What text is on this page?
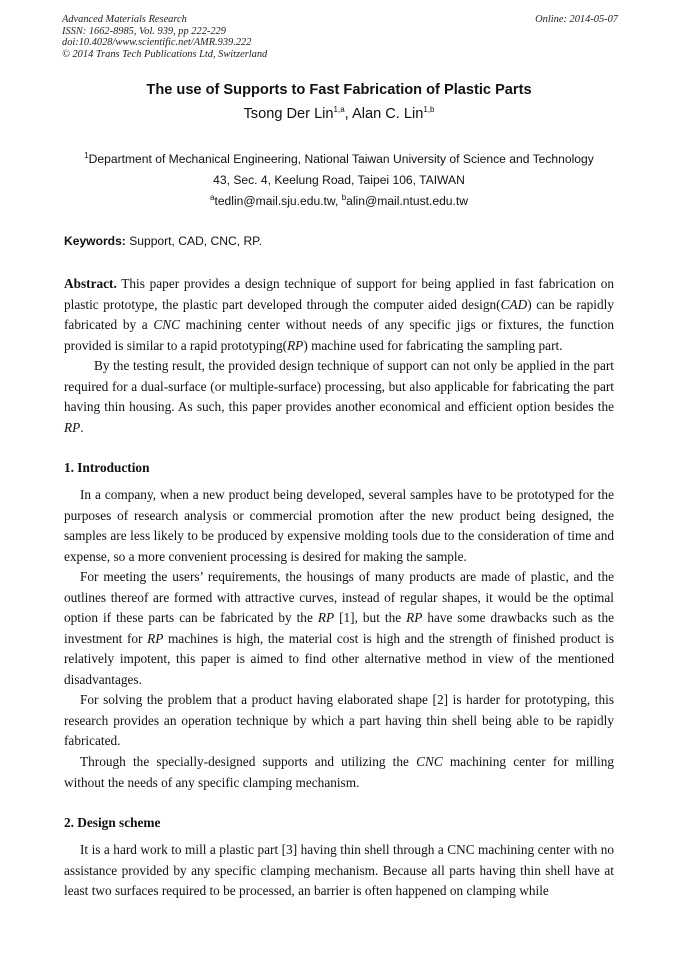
Advanced Materials Research
ISSN: 1662-8985, Vol. 939, pp 222-229
doi:10.4028/www.scientific.net/AMR.939.222
© 2014 Trans Tech Publications Ltd, Switzerland
Online: 2014-05-07
The use of Supports to Fast Fabrication of Plastic Parts
Tsong Der Lin$^{1,a}$, Alan C. Lin$^{1,b}$
$^1$Department of Mechanical Engineering, National Taiwan University of Science and Technology
43, Sec. 4, Keelung Road, Taipei 106, TAIWAN
$^a$tedlin@mail.sju.edu.tw, $^b$alin@mail.ntust.edu.tw
Keywords: Support, CAD, CNC, RP.

Abstract. This paper provides a design technique of support for being applied in fast fabrication on plastic prototype, the plastic part developed through the computer aided design(CAD) can be rapidly fabricated by a CNC machining center without needs of any specific jigs or fixtures, the function provided is similar to a rapid prototyping(RP) machine used for fabricating the sampling part.

By the testing result, the provided design technique of support can not only be applied in the part required for a dual-surface (or multiple-surface) processing, but also applicable for fabricating the part having thin housing. As such, this paper provides another economical and efficient option besides the RP.

1. Introduction

In a company, when a new product being developed, several samples have to be prototyped for the purposes of research analysis or commercial promotion after the new product being designed, the samples are less likely to be produced by expensive molding tools due to the consideration of time and expense, so a more convenient processing is desired for making the sample.

For meeting the users’ requirements, the housings of many products are made of plastic, and the outlines thereof are formed with attractive curves, instead of regular shapes, it would be the optimal option if these parts can be fabricated by the RP [1], but the RP have some drawbacks such as the investment for RP machines is high, the material cost is high and the strength of finished product is relatively impotent, this paper is aimed to find other alternative method in view of the mentioned disadvantages.

For solving the problem that a product having elaborated shape [2] is harder for prototyping, this research provides an operation technique by which a part having thin shell being able to be rapidly fabricated.

Through the specially-designed supports and utilizing the CNC machining center for milling without the needs of any specific clamping mechanism.

2. Design scheme

It is a hard work to mill a plastic part [3] having thin shell through a CNC machining center with no assistance provided by any specific clamping mechanism. Because all parts having thin shell have at least two surfaces required to be processed, an barrier is often happened on clamping while
